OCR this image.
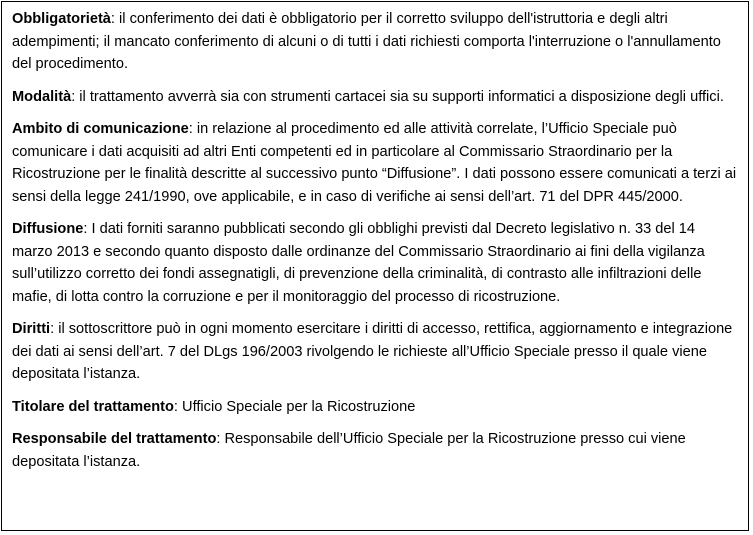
Obbligatorietà: il conferimento dei dati è obbligatorio per il corretto sviluppo dell'istruttoria e degli altri adempimenti; il mancato conferimento di alcuni o di tutti i dati richiesti comporta l'interruzione o l'annullamento del procedimento.

Modalità: il trattamento avverrà sia con strumenti cartacei sia su supporti informatici a disposizione degli uffici.

Ambito di comunicazione: in relazione al procedimento ed alle attività correlate, l’Ufficio Speciale può comunicare i dati acquisiti ad altri Enti competenti ed in particolare al Commissario Straordinario per la Ricostruzione per le finalità descritte al successivo punto “Diffusione”. I dati possono essere comunicati a terzi ai sensi della legge 241/1990, ove applicabile, e in caso di verifiche ai sensi dell’art. 71 del DPR 445/2000.

Diffusione: I dati forniti saranno pubblicati secondo gli obblighi previsti dal Decreto legislativo n. 33 del 14 marzo 2013 e secondo quanto disposto dalle ordinanze del Commissario Straordinario ai fini della vigilanza sull’utilizzo corretto dei fondi assegnatigli, di prevenzione della criminalità, di contrasto alle infiltrazioni delle mafie, di lotta contro la corruzione e per il monitoraggio del processo di ricostruzione.

Diritti: il sottoscrittore può in ogni momento esercitare i diritti di accesso, rettifica, aggiornamento e integrazione dei dati ai sensi dell’art. 7 del DLgs 196/2003 rivolgendo le richieste all’Ufficio Speciale presso il quale viene depositata l’istanza.

Titolare del trattamento: Ufficio Speciale per la Ricostruzione

Responsabile del trattamento: Responsabile dell’Ufficio Speciale per la Ricostruzione presso cui viene depositata l’istanza.
